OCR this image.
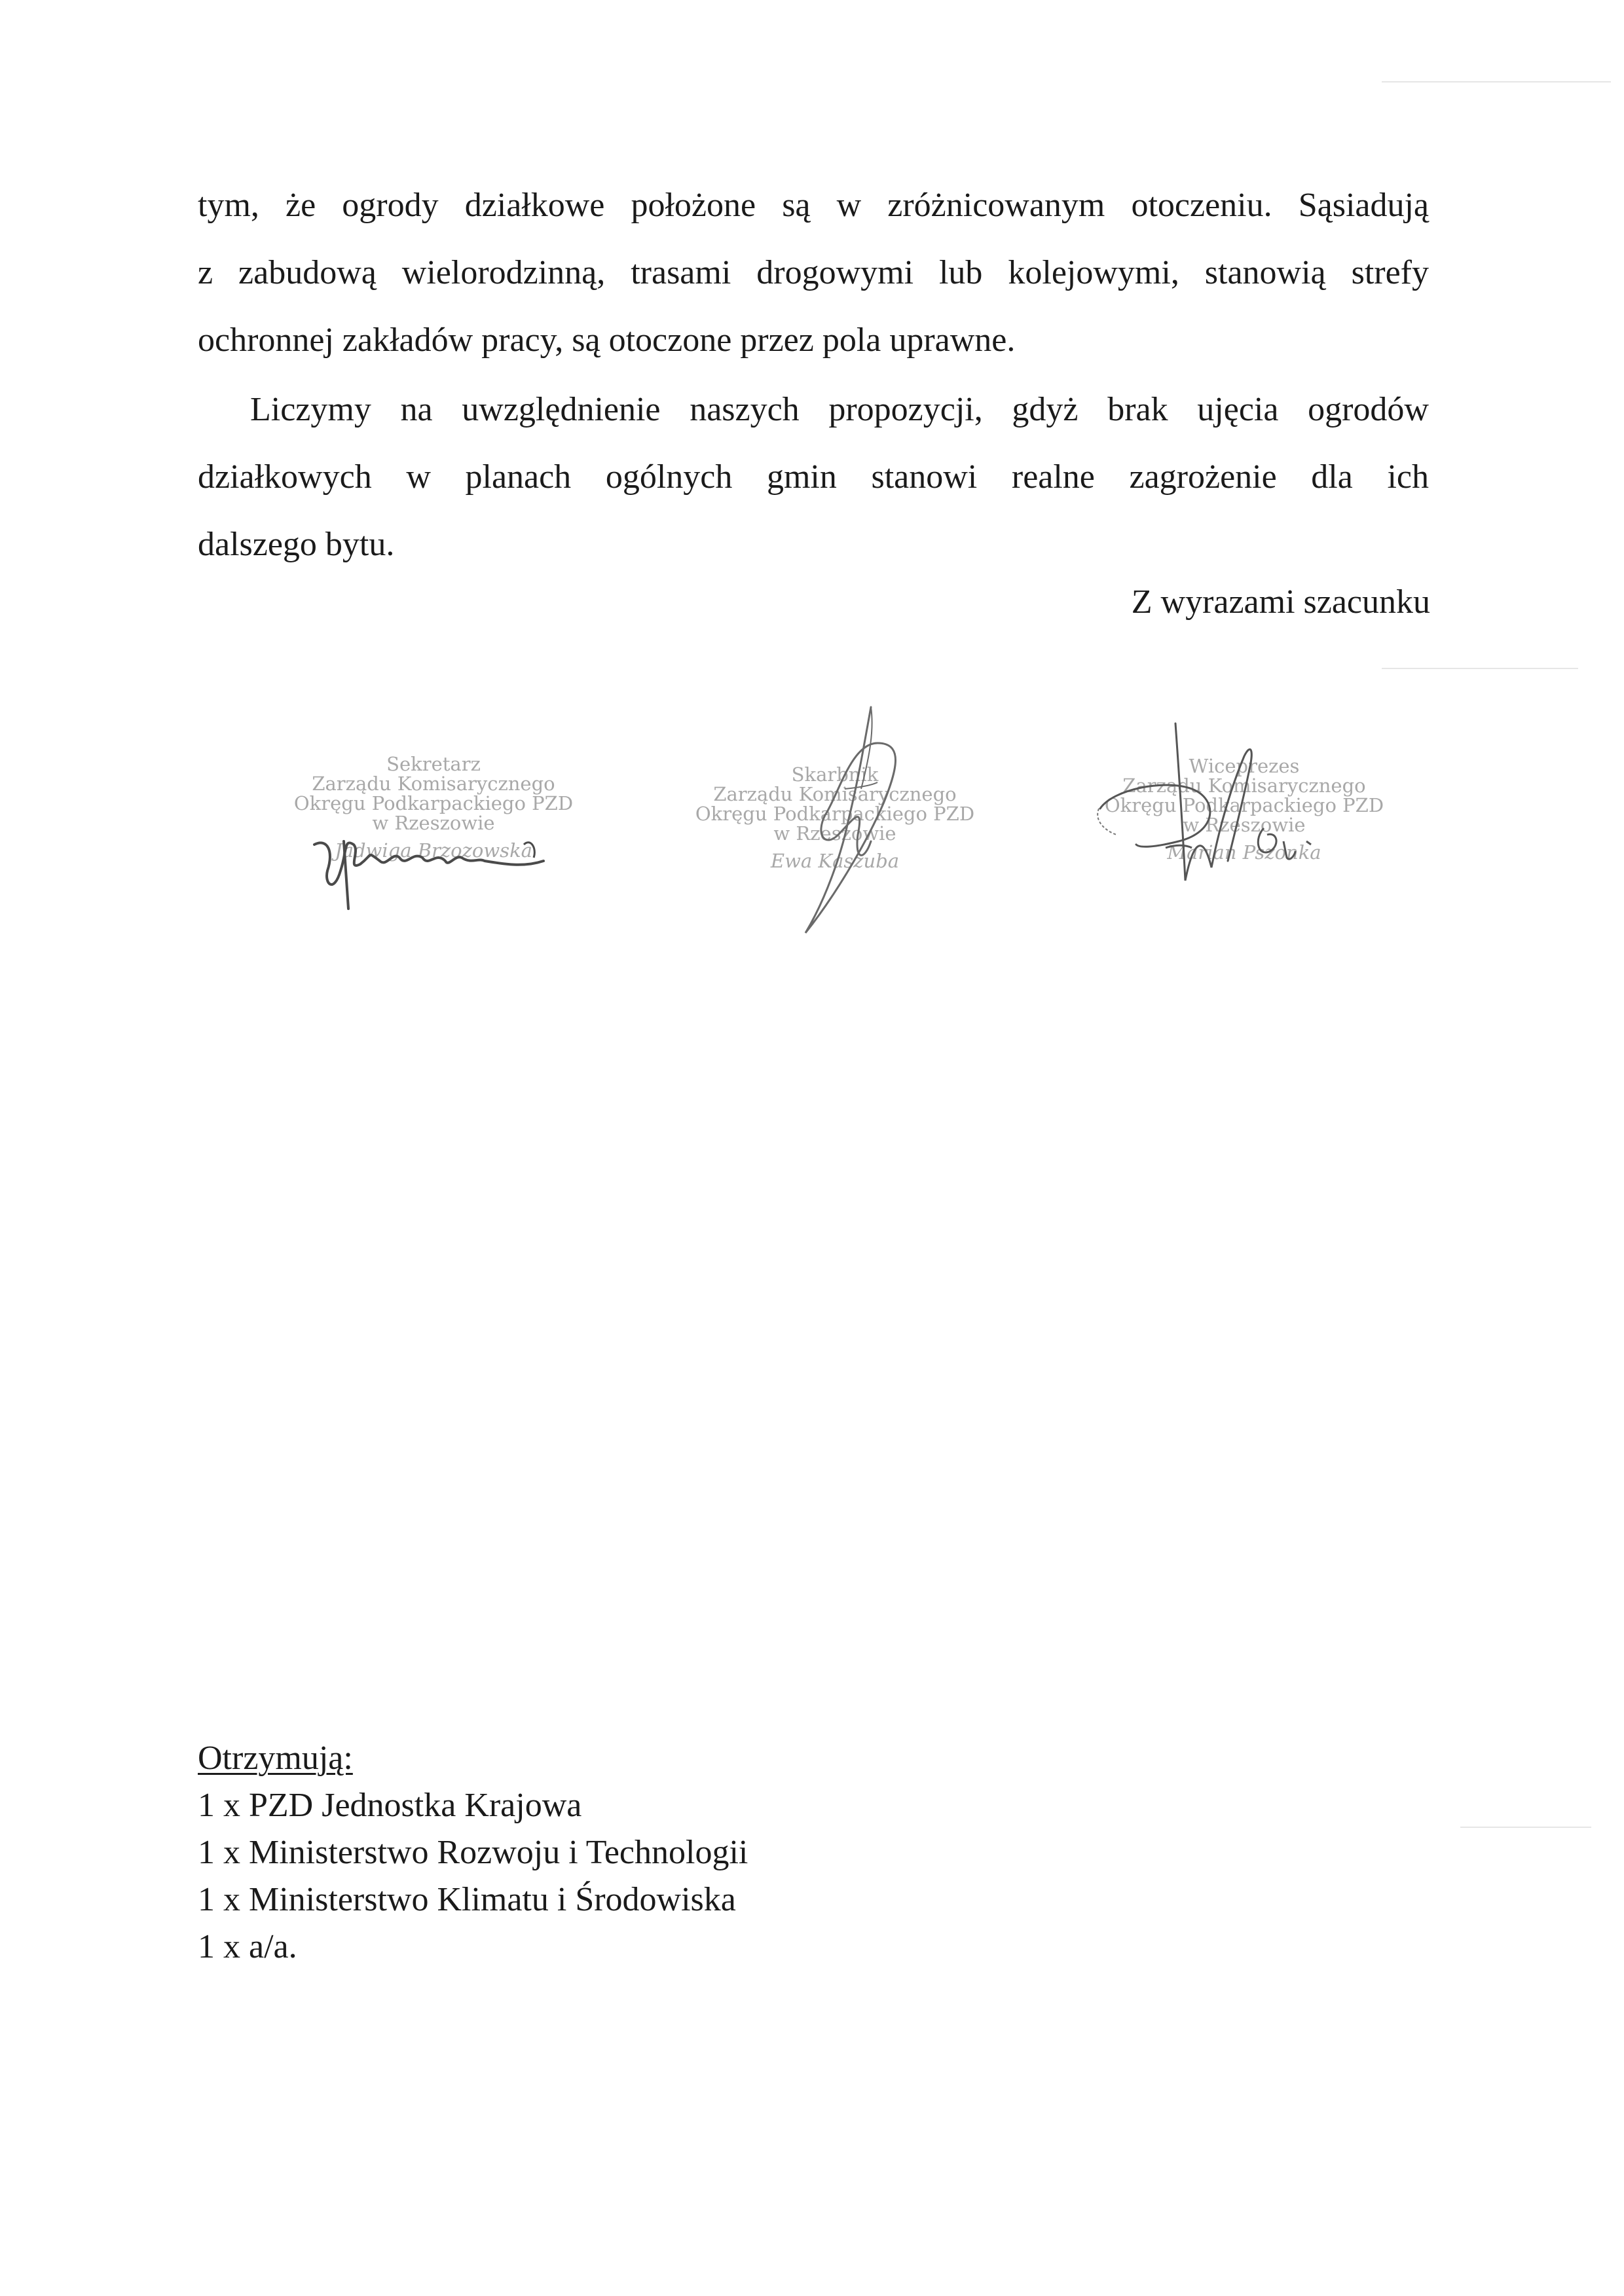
tym, że ogrody działkowe położone są w zróżnicowanym otoczeniu. Sąsiadują
z zabudową wielorodzinną, trasami drogowymi lub kolejowymi, stanowią strefy
ochronnej zakładów pracy, są otoczone przez pola uprawne.
Liczymy na uwzględnienie naszych propozycji, gdyż brak ujęcia ogrodów
działkowych w planach ogólnych gmin stanowi realne zagrożenie dla ich
dalszego bytu.
Z wyrazami szacunku
Sekretarz
Zarządu Komisarycznego
Okręgu Podkarpackiego PZD
w Rzeszowie
Jadwiga Brzozowska
Skarbnik
Zarządu Komisarycznego
Okręgu Podkarpackiego PZD
w Rzeszowie
Ewa Kaszuba
Wiceprezes
Zarządu Komisarycznego
Okręgu Podkarpackiego PZD
w Rzeszowie
Marian Pszonka
Otrzymują:
1 x PZD Jednostka Krajowa
1 x Ministerstwo Rozwoju i Technologii
1 x Ministerstwo Klimatu i Środowiska
1 x a/a.
